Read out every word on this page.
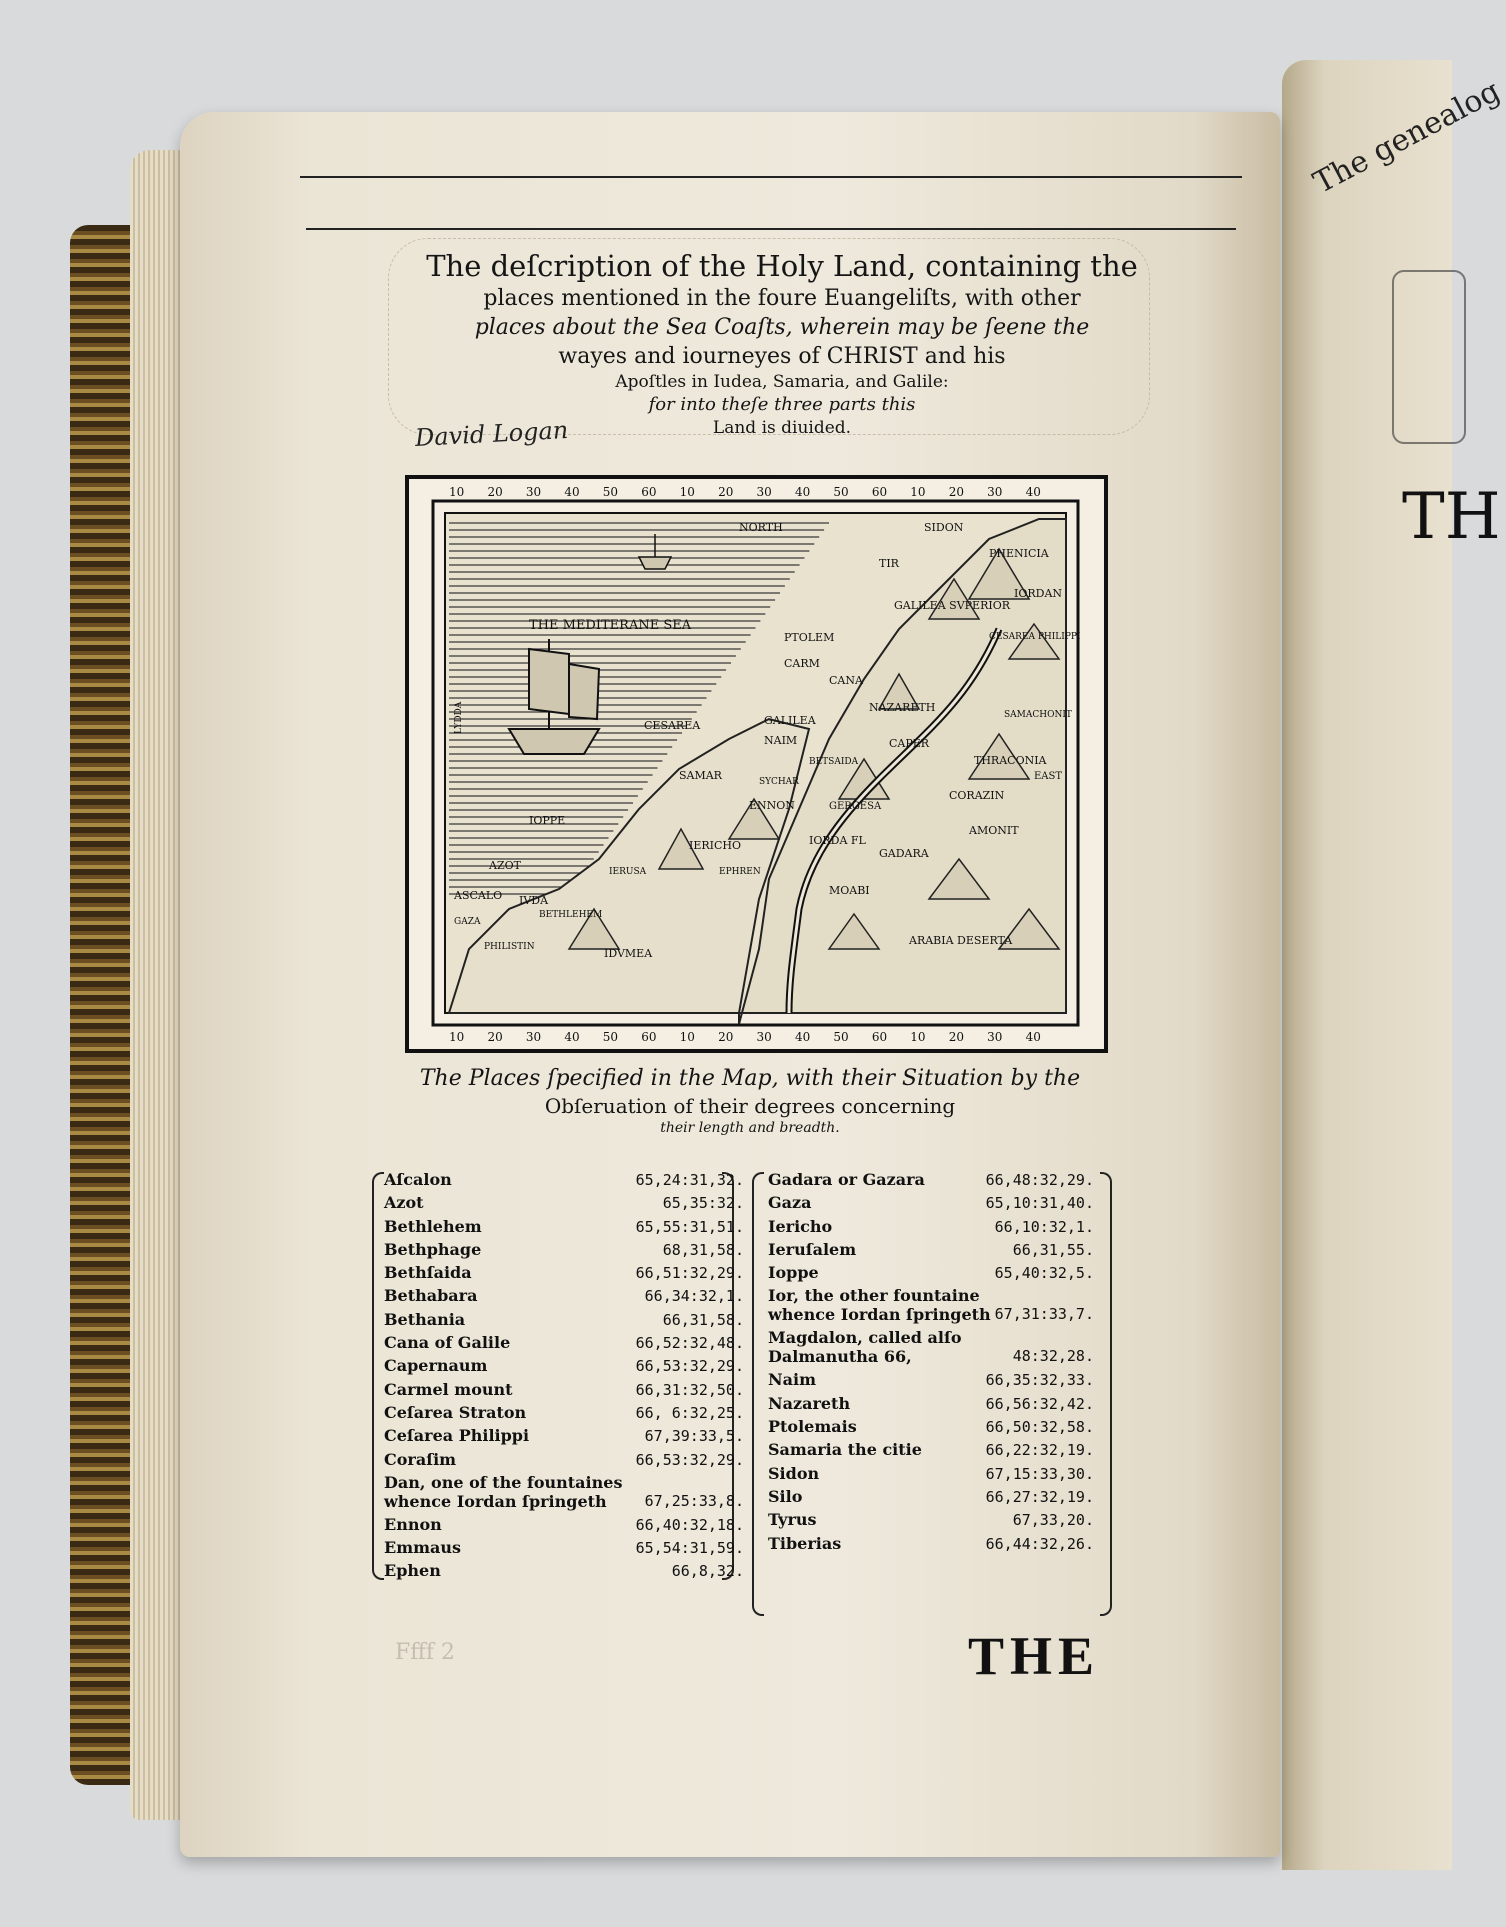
The genealog
TH
The deſcription of the Holy Land, containing the
places mentioned in the foure Euangeliſts, with other
places about the Sea Coaſts, wherein may be ſeene the
wayes and iourneyes of CHRIST and his
Apoſtles in Iudea, Samaria, and Galile:
for into theſe three parts this
Land is diuided.
David Logan
10 20 30 40 50 60 10 20 30 40 50 60 10 20 30 40
10 20 30 40 50 60 10 20 30 40 50 60 10 20 30 40
NORTH	SIDON
TIR
PHENICIA
THE MEDITERANE SEA
GALILEA SVPERIOR
IORDAN
PTOLEM
CARM
CESAREA PHILIPPI
CANA
NAZARETH
SAMACHONIT
GALILEA
NAIM
CESAREA
BETSAIDA
CAPER
THRACONIA
EAST
SAMAR	SYCHAR
CORAZIN
GERGESA
ENNON
IOPPE
IERICHO	IORDA FL
GADARA
AMONIT
AZOT	IERUSA	EPHREN
MOABI
ASCALO IVDA
BETHLEHEM
GAZA
PHILISTIN	IDVMEA
ARABIA DESERTA
LYDDA
The Places ſpecified in the Map, with their Situation by the
Obſeruation of their degrees concerning
their length and breadth.
Aſcalon	65,24:31,32.
Azot	65,35:32.
Bethlehem	65,55:31,51.
Bethphage	68,31,58.
Bethſaida	66,51:32,29.
Bethabara	66,34:32,1.
Bethania	66,31,58.
Cana of Galile	66,52:32,48.
Capernaum	66,53:32,29.
Carmel mount	66,31:32,50.
Ceſarea Straton	66, 6:32,25.
Ceſarea Philippi	67,39:33,5.
Coraſim	66,53:32,29.
Dan, one of the fountaines whence Iordan ſpringeth	67,25:33,8.
Ennon	66,40:32,18.
Emmaus	65,54:31,59.
Ephen	66,8,32.
Gadara or Gazara	66,48:32,29.
Gaza	65,10:31,40.
Iericho	66,10:32,1.
Ieruſalem	66,31,55.
Ioppe	65,40:32,5.
Ior, the other fountaine whence Iordan ſpringeth 67,31:33,7.
Magdalon, called alſo Dalmanutha 66,	48:32,28.
Naim	66,35:32,33.
Nazareth	66,56:32,42.
Ptolemais	66,50:32,58.
Samaria the citie	66,22:32,19.
Sidon	67,15:33,30.
Silo	66,27:32,19.
Tyrus	67,33,20.
Tiberias	66,44:32,26.
Ffff 2	THE
